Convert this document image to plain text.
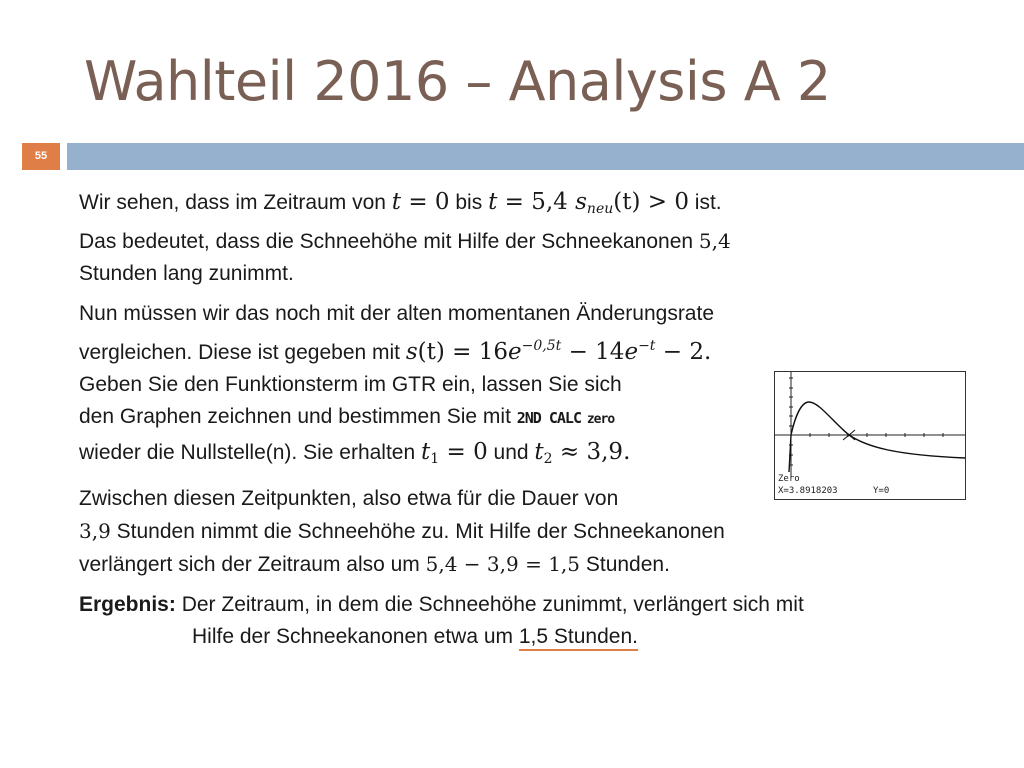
Wahlteil 2016 – Analysis A 2
55

Wir sehen, dass im Zeitraum von t = 0 bis t = 5,4 $s_{neu}(t) > 0$ ist.
Das bedeutet, dass die Schneehöhe mit Hilfe der Schneekanonen 5,4
Stunden lang zunimmt.

Nun müssen wir das noch mit der alten momentanen Änderungsrate
vergleichen. Diese ist gegeben mit $s(t) = 16e^{-0,5t} - 14e^{-t} - 2$.
Geben Sie den Funktionsterm im GTR ein, lassen Sie sich
den Graphen zeichnen und bestimmen Sie mit 2ND CALC zero
wieder die Nullstelle(n). Sie erhalten t1 = 0 und t2 ≈ 3,9.

Zwischen diesen Zeitpunkten, also etwa für die Dauer von
3,9 Stunden nimmt die Schneehöhe zu. Mit Hilfe der Schneekanonen
verlängert sich der Zeitraum also um 5,4 − 3,9 = 1,5 Stunden.

Ergebnis: Der Zeitraum, in dem die Schneehöhe zunimmt, verlängert sich mit

Hilfe der Schneekanonen etwa um 1,5 Stunden.

Zero
X=3.8918203	Y=0
